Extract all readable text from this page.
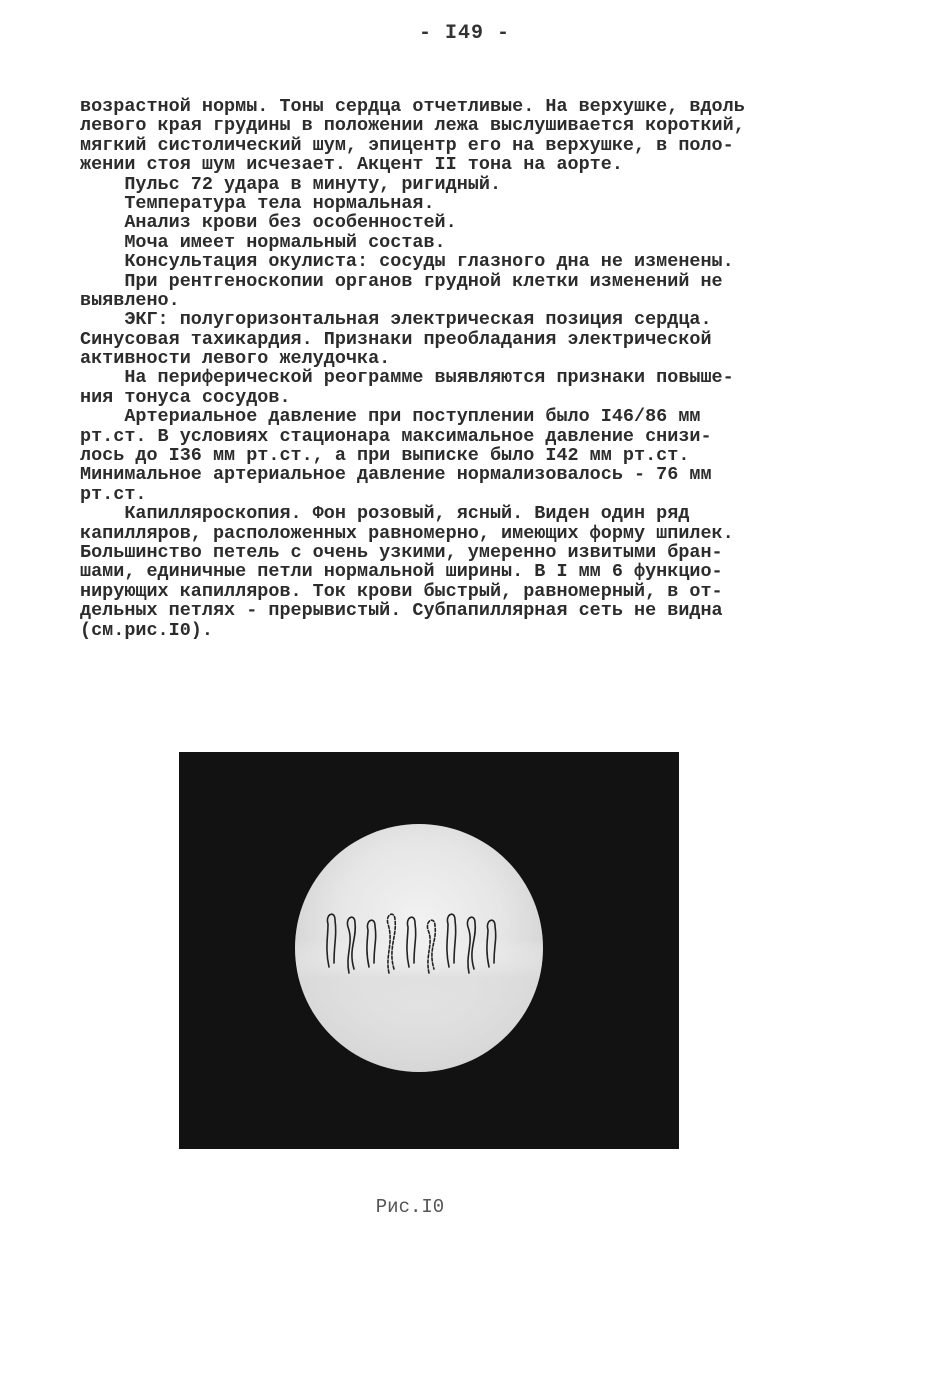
- I49 -
возрастной нормы. Тоны сердца отчетливые. На верхушке, вдоль
левого края грудины в положении лежа выслушивается короткий,
мягкий систолический шум, эпицентр его на верхушке, в поло-
жении стоя шум исчезает. Акцент II тона на аорте.
Пульс 72 удара в минуту, ригидный.
Температура тела нормальная.
Анализ крови без особенностей.
Моча имеет нормальный состав.
Консультация окулиста: сосуды глазного дна не изменены.
При рентгеноскопии органов грудной клетки изменений не
выявлено.
ЭКГ: полугоризонтальная электрическая позиция сердца.
Синусовая тахикардия. Признаки преобладания электрической
активности левого желудочка.
На периферической реограмме выявляются признаки повыше-
ния тонуса сосудов.
Артериальное давление при поступлении было I46/86 мм
рт.ст. В условиях стационара максимальное давление снизи-
лось до I36 мм рт.ст., а при выписке было I42 мм рт.ст.
Минимальное артериальное давление нормализовалось - 76 мм
рт.ст.
Капилляроскопия. Фон розовый, ясный. Виден один ряд
капилляров, расположенных равномерно, имеющих форму шпилек.
Большинство петель с очень узкими, умеренно извитыми бран-
шами, единичные петли нормальной ширины. В I мм 6 функцио-
нирующих капилляров. Ток крови быстрый, равномерный, в от-
дельных петлях - прерывистый. Субпапиллярная сеть не видна
(см.рис.I0).
Рис.I0
